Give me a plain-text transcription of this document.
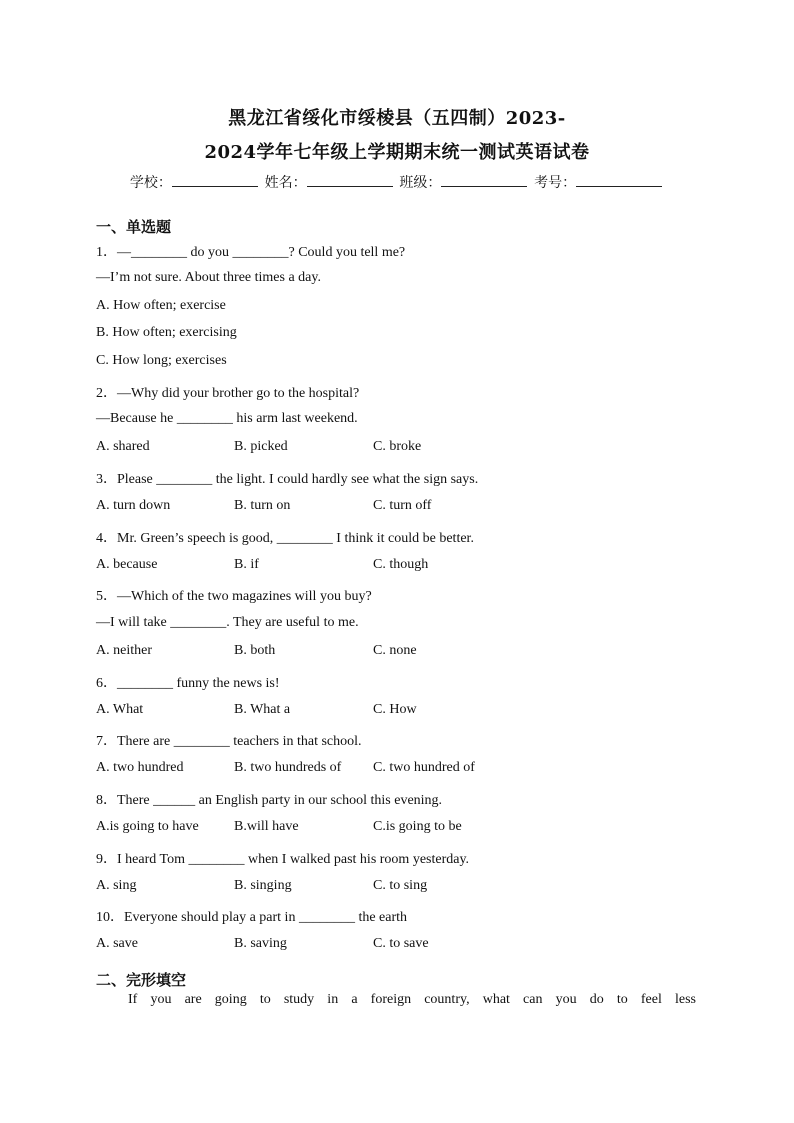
黑龙江省绥化市绥棱县（五四制）2023-
2024学年七年级上学期期末统一测试英语试卷
学校：	姓名：	班级：	考号：
一、单选题
1．—________ do you ________? Could you tell me?
—I’m not sure. About three times a day.
A. How often; exercise
B. How often; exercising
C. How long; exercises
2．—Why did your brother go to the hospital?
—Because he ________ his arm last weekend.
A. shared	B. picked	C. broke
3．Please ________ the light. I could hardly see what the sign says.
A. turn down	B. turn on	C. turn off
4．Mr. Green’s speech is good, ________ I think it could be better.
A. because	B. if	C. though
5．—Which of the two magazines will you buy?
—I will take ________. They are useful to me.
A. neither	B. both	C. none
6．________ funny the news is!
A. What	B. What a	C. How
7．There are ________ teachers in that school.
A. two hundred	B. two hundreds of C. two hundred of
8．There ______ an English party in our school this evening.
A.is going to have	B.will have	C.is going to be
9．I heard Tom ________ when I walked past his room yesterday.
A. sing	B. singing	C. to sing
10．Everyone should play a part in ________ the earth
A. save	B. saving	C. to save
二、完形填空
If you are going to study in a foreign country, what can you do to feel less
